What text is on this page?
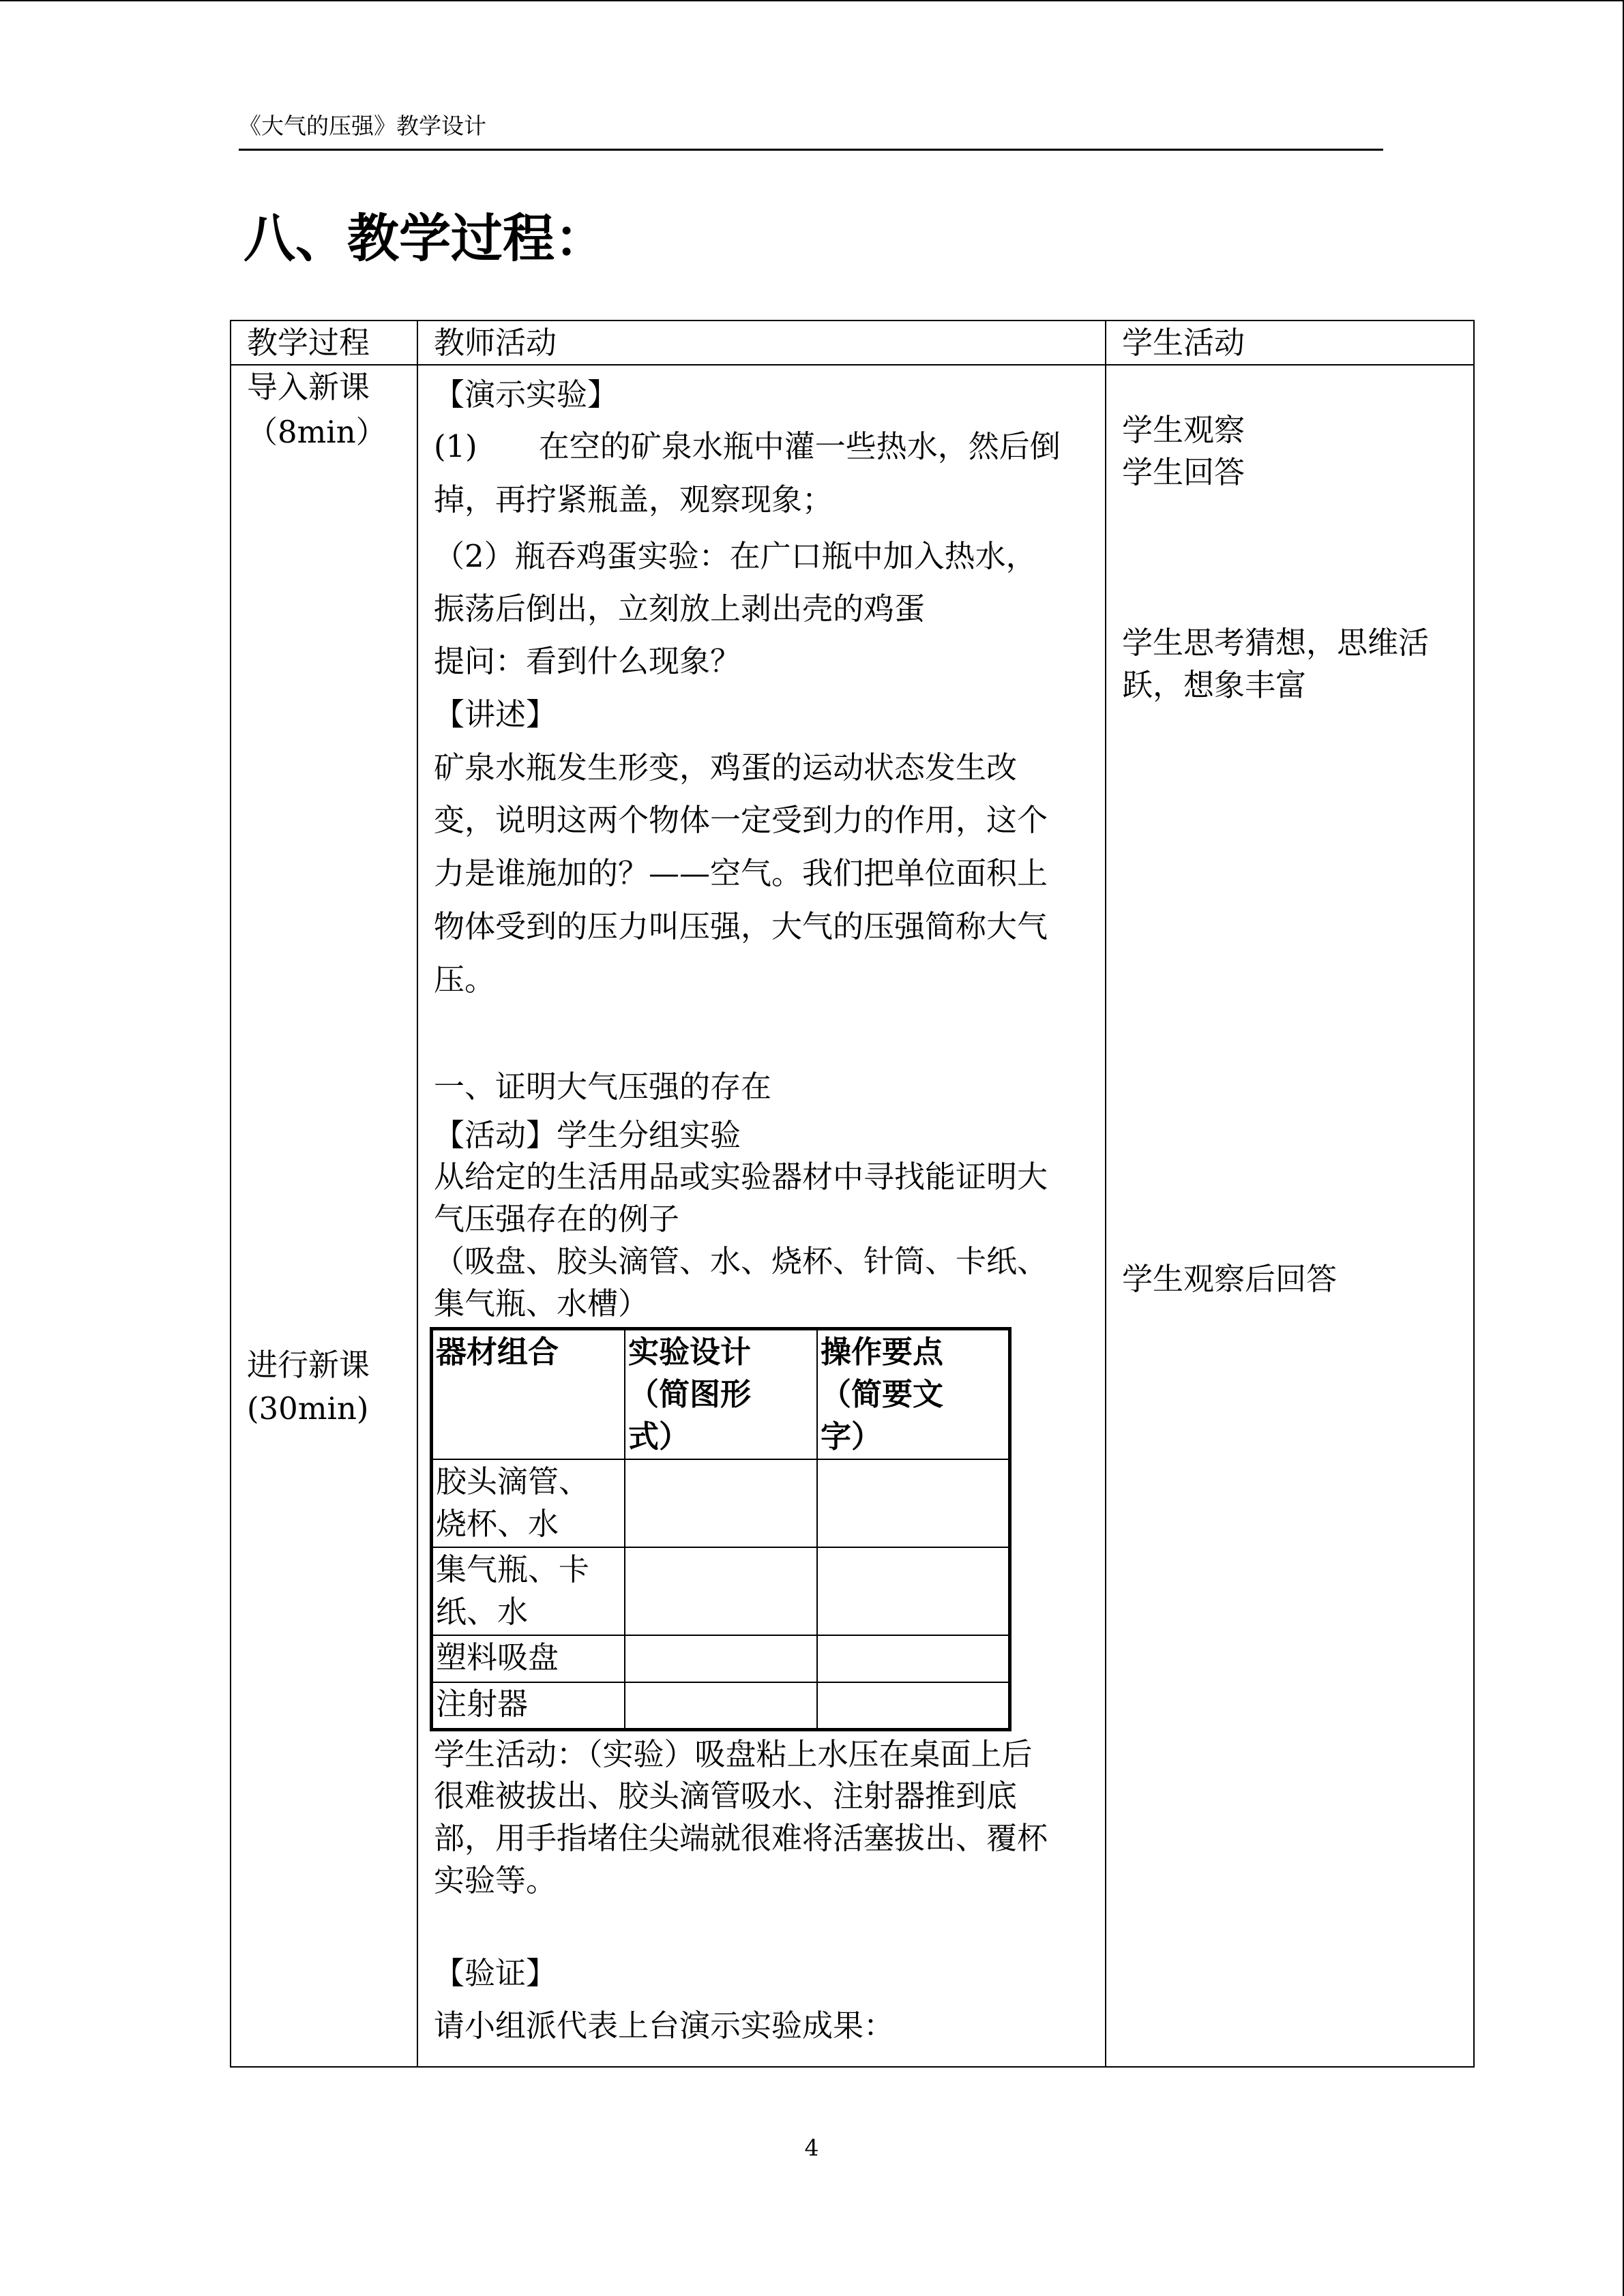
《大气的压强》教学设计
八、教学过程：
教学过程 教师活动	学生活动
导入新课
（8min）
进行新课
(30min)
【演示实验】
(1)　　在空的矿泉水瓶中灌一些热水，然后倒
掉，再拧紧瓶盖，观察现象；
（2）瓶吞鸡蛋实验：在广口瓶中加入热水，
振荡后倒出，立刻放上剥出壳的鸡蛋
提问：看到什么现象？
【讲述】
矿泉水瓶发生形变，鸡蛋的运动状态发生改
变，说明这两个物体一定受到力的作用，这个
力是谁施加的？——空气。我们把单位面积上
物体受到的压力叫压强，大气的压强简称大气
压。
一、证明大气压强的存在
【活动】学生分组实验
从给定的生活用品或实验器材中寻找能证明大
气压强存在的例子
（吸盘、胶头滴管、水、烧杯、针筒、卡纸、
集气瓶、水槽）
器材组合 实验设计
（简图形
式）
操作要点
（简要文
字）
胶头滴管、
烧杯、水
集气瓶、卡
纸、水
塑料吸盘
注射器
学生活动：（实验）吸盘粘上水压在桌面上后
很难被拔出、胶头滴管吸水、注射器推到底
部，用手指堵住尖端就很难将活塞拔出、覆杯
实验等。
【验证】
请小组派代表上台演示实验成果：
学生观察
学生回答
学生思考猜想，思维活
跃，想象丰富
学生观察后回答
4
